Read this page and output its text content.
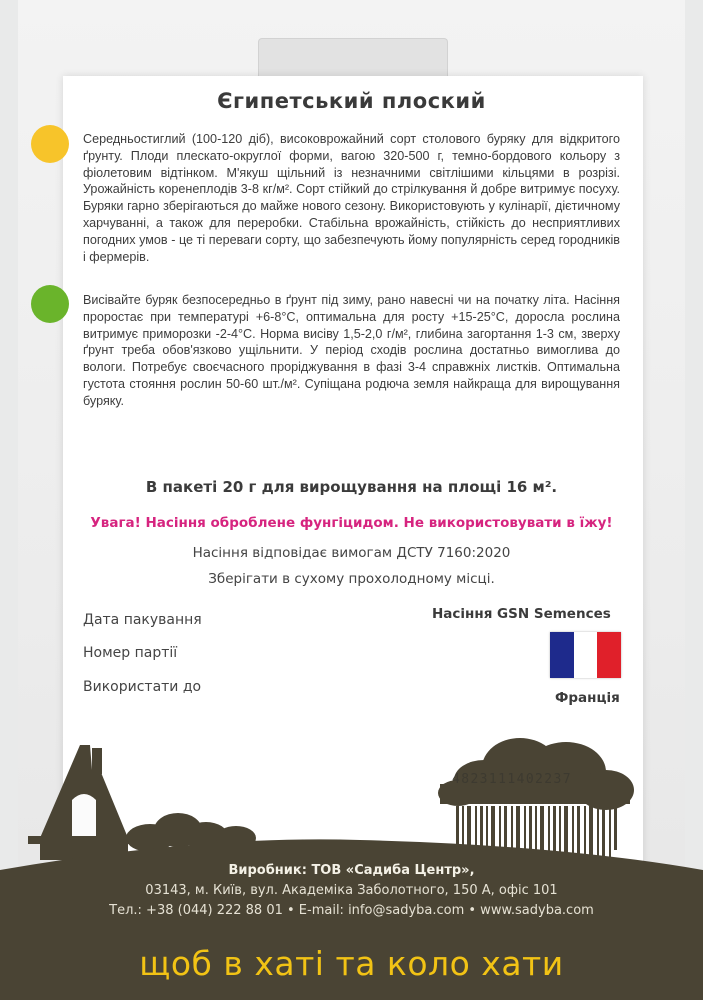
Єгипетський плоский

Середньостиглий (100-120 діб), високоврожайний сорт столового буряку для відкритого ґрунту. Плоди плескато-округлої форми, вагою 320-500 г, темно-бордового кольору з фіолетовим відтінком. М'якуш щільний із незначними світлішими кільцями в розрізі. Урожайність коренеплодів 3-8 кг/м². Сорт стійкий до стрілкування й добре витримує посуху. Буряки гарно зберігаються до майже нового сезону. Використовують у кулінарії, дієтичному харчуванні, а також для переробки. Стабільна врожайність, стійкість до несприятливих погодних умов - це ті переваги сорту, що забезпечують йому популярність серед городників і фермерів.

Висівайте буряк безпосередньо в ґрунт під зиму, рано навесні чи на початку літа. Насіння проростає при температурі +6-8°С, оптимальна для росту +15-25°С, доросла рослина витримує приморозки -2-4°С. Норма висіву 1,5-2,0 г/м², глибина загортання 1-3 см, зверху ґрунт треба обов'язково ущільнити. У період сходів рослина достатньо вимоглива до вологи. Потребує своєчасного проріджування в фазі 3-4 справжніх листків. Оптимальна густота стояння рослин 50-60 шт./м². Супіщана родюча земля найкраща для вирощування буряку.

В пакеті 20 г для вирощування на площі 16 м².
Увага! Насіння оброблене фунгіцидом. Не використовувати в їжу!
Насіння відповідає вимогам ДСТУ 7160:2020
Зберігати в сухому прохолодному місці.
Дата пакування
Номер партії
Використати до
Насіння GSN Semences
Франція
4823111402237
Виробник: ТОВ «Садиба Центр»,
03143, м. Київ, вул. Академіка Заболотного, 150 А, офіс 101
Тел.: +38 (044) 222 88 01 • E-mail: info@sadyba.com • www.sadyba.com
щоб в хаті та коло хати
